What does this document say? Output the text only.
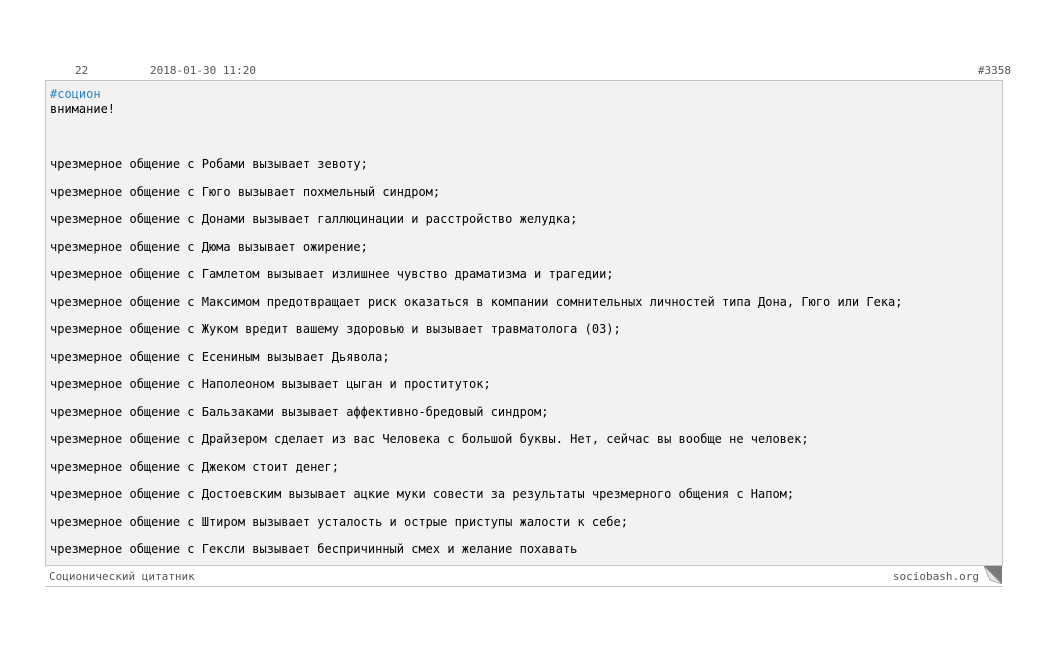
22	2018-01-30 11:20	#3358
#социон
внимание!
чрезмерное общение с Робами вызывает зевоту;
чрезмерное общение с Гюго вызывает похмельный синдром;
чрезмерное общение с Донами вызывает галлюцинации и расстройство желудка;
чрезмерное общение с Дюма вызывает ожирение;
чрезмерное общение с Гамлетом вызывает излишнее чувство драматизма и трагедии;
чрезмерное общение с Максимом предотвращает риск оказаться в компании сомнительных личностей типа Дона, Гюго или Гека;
чрезмерное общение с Жуком вредит вашему здоровью и вызывает травматолога (03);
чрезмерное общение с Есениным вызывает Дьявола;
чрезмерное общение с Наполеоном вызывает цыган и проституток;
чрезмерное общение с Бальзаками вызывает аффективно-бредовый синдром;
чрезмерное общение с Драйзером сделает из вас Человека с большой буквы. Нет, сейчас вы вообще не человек;
чрезмерное общение с Джеком стоит денег;
чрезмерное общение с Достоевским вызывает ацкие муки совести за результаты чрезмерного общения с Напом;
чрезмерное общение с Штиром вызывает усталость и острые приступы жалости к себе;
чрезмерное общение с Гексли вызывает беспричинный смех и желание похавать
Соционический цитатник	sociobash.org
